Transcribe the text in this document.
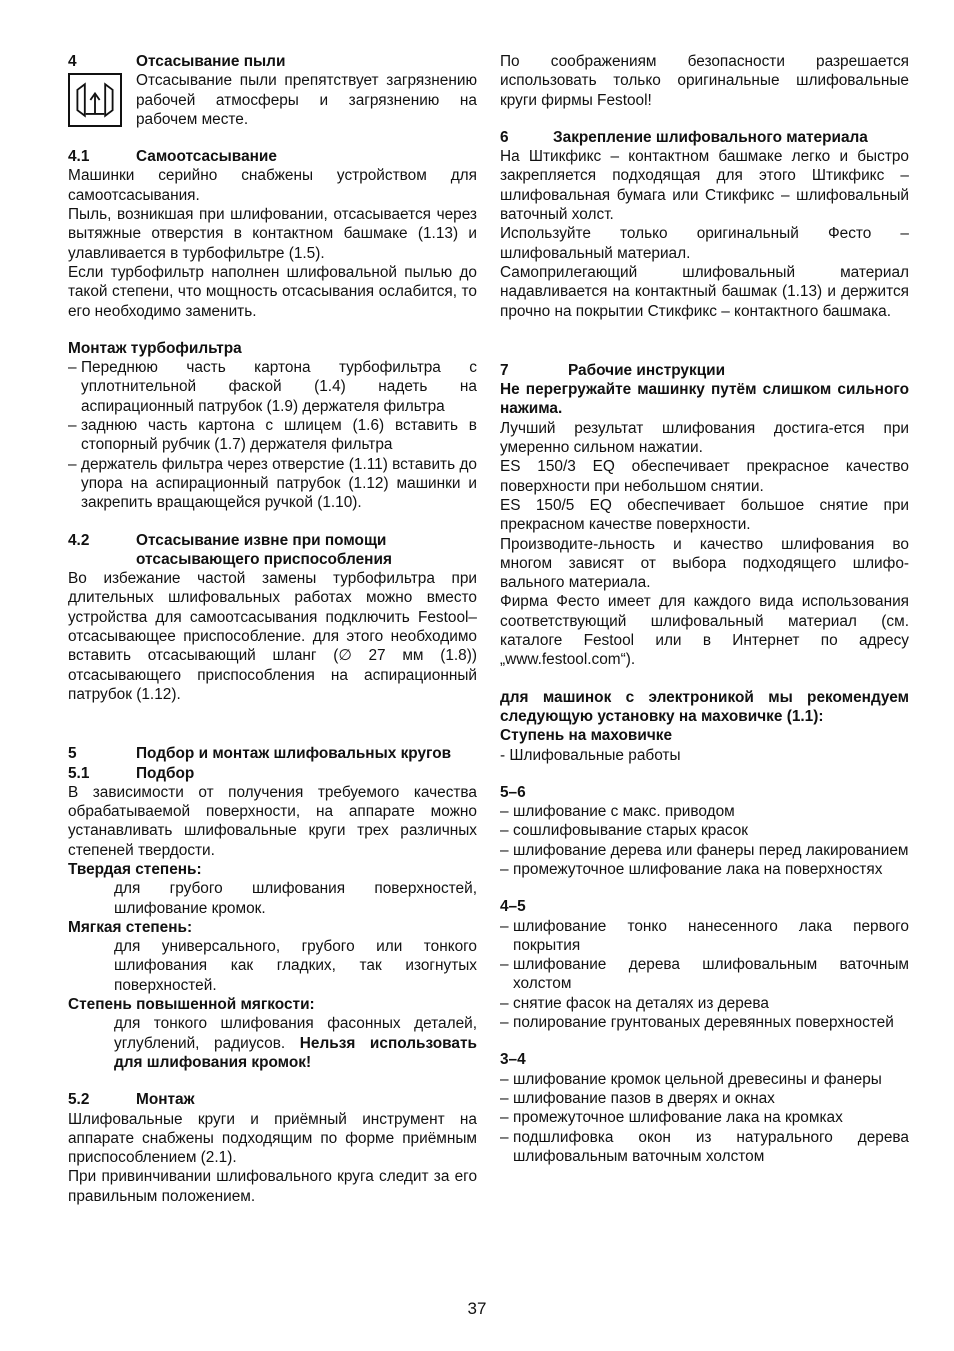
4	Отсасывание пыли

Отсасывание пыли препятствует загрязнению рабочей атмосферы и загрязнению на рабочем месте.

4.1	Самоотсасывание

Машинки серийно снабжены устройством для самоотсасывания.

Пыль, возникшая при шлифовании, отсасывается через вытяжные отверстия в контактном башмаке (1.13) и улавливается в турбофильтре (1.5).

Если турбофильтр наполнен шлифовальной пылью до такой степени, что мощность отсасывания ослабится, то его необходимо заменить.

Монтаж турбофильтра

– Переднюю часть картона турбофильтра с уплотнительной фаской (1.4) надеть на аспирационный патрубок (1.9) держателя фильтра
– заднюю часть картона с шлицем (1.6) вставить в стопорный рубчик (1.7) держателя фильтра
– держатель фильтра через отверстие (1.11) вставить до упора на аспирационный патрубок (1.12) машинки и закрепить вращающейся ручкой (1.10).
4.2	Отсасывание извне при помощи отсасывающего приспособления

Во избежание частой замены турбофильтра при длительных шлифовальных работах можно вместо устройства для самоотсасывания подключить Festool–отсасывающее приспособление. для этого необходимо вставить отсасывающий шланг (∅ 27 мм (1.8)) отсасывающего приспособления на аспирационный патрубок (1.12).

5	Подбор и монтаж шлифовальных кругов
5.1	Подбор

В зависимости от получения требуемого качества обрабатываемой поверхности, на аппарате можно устанавливать шлифовальные круги трех различных степеней твердости.

Твердая степень:

для грубого шлифования поверхностей, шлифование кромок.

Мягкая степень:

для универсального, грубого или тонкого шлифования как гладких, так изогнутых поверхностей.

Степень повышенной мягкости:

для тонкого шлифования фасонных деталей, углублений, радиусов. Нельзя использовать для шлифования кромок!

5.2	Монтаж

Шлифовальные круги и приёмный инструмент на аппарате снабжены подходящим по форме приёмным приспособлением (2.1).

При привинчивании шлифовального круга следит за его правильным положением.

По соображениям безопасности разрешается использовать только оригинальные шлифовальные круги фирмы Festool!

6	Закрепление шлифовального материала

На Штикфикс – контактном башмаке легко и быстро закрепляется подходящая для этого Штикфикс – шлифовальная бумага или Стикфикс – шлифовальный ваточный холст.

Используйте только оригинальный Фесто – шлифовальный материал.

Самоприлегающий шлифовальный материал надавливается на контактный башмак (1.13) и держится прочно на покрытии Стикфикс – контактного башмака.

7	Рабочие инструкции

Не перегружайте машинку путём слишком сильного нажима.

Лучший результат шлифования достига-ется при умеренно сильном нажатии.

ES 150/3 EQ обеспечивает прекрасное качество поверхности при небольшом снятии.

ES 150/5 EQ обеспечивает большое снятие при прекрасном качестве поверхности.

Производите-льность и качество шлифования во многом зависят от выбора подходящего шлифо-вального материала.

Фирма Фесто имеет для каждого вида использования соответствующий шлифовальный материал (см. каталоге Festool или в Интернет по адресу „www.festool.com“).

для машинок с электроникой мы рекомендуем следующую установку на маховичке (1.1):

Ступень на маховичке

- Шлифовальные работы

5–6

– шлифование с макс. приводом
– сошлифовывание старых красок
– шлифование дерева или фанеры перед лакированием
– промежуточное шлифование лака на поверхностях

4–5

– шлифование тонко нанесенного лака первого покрытия
– шлифование дерева шлифовальным ваточным холстом
– снятие фасок на деталях из дерева
– полирование грунтованых деревянных поверхностей

3–4

– шлифование кромок цельной древесины и фанеры
– шлифование пазов в дверях и окнах
– промежуточное шлифование лака на кромках
– подшлифовка окон из натурального дерева шлифовальным ваточным холстом
37
